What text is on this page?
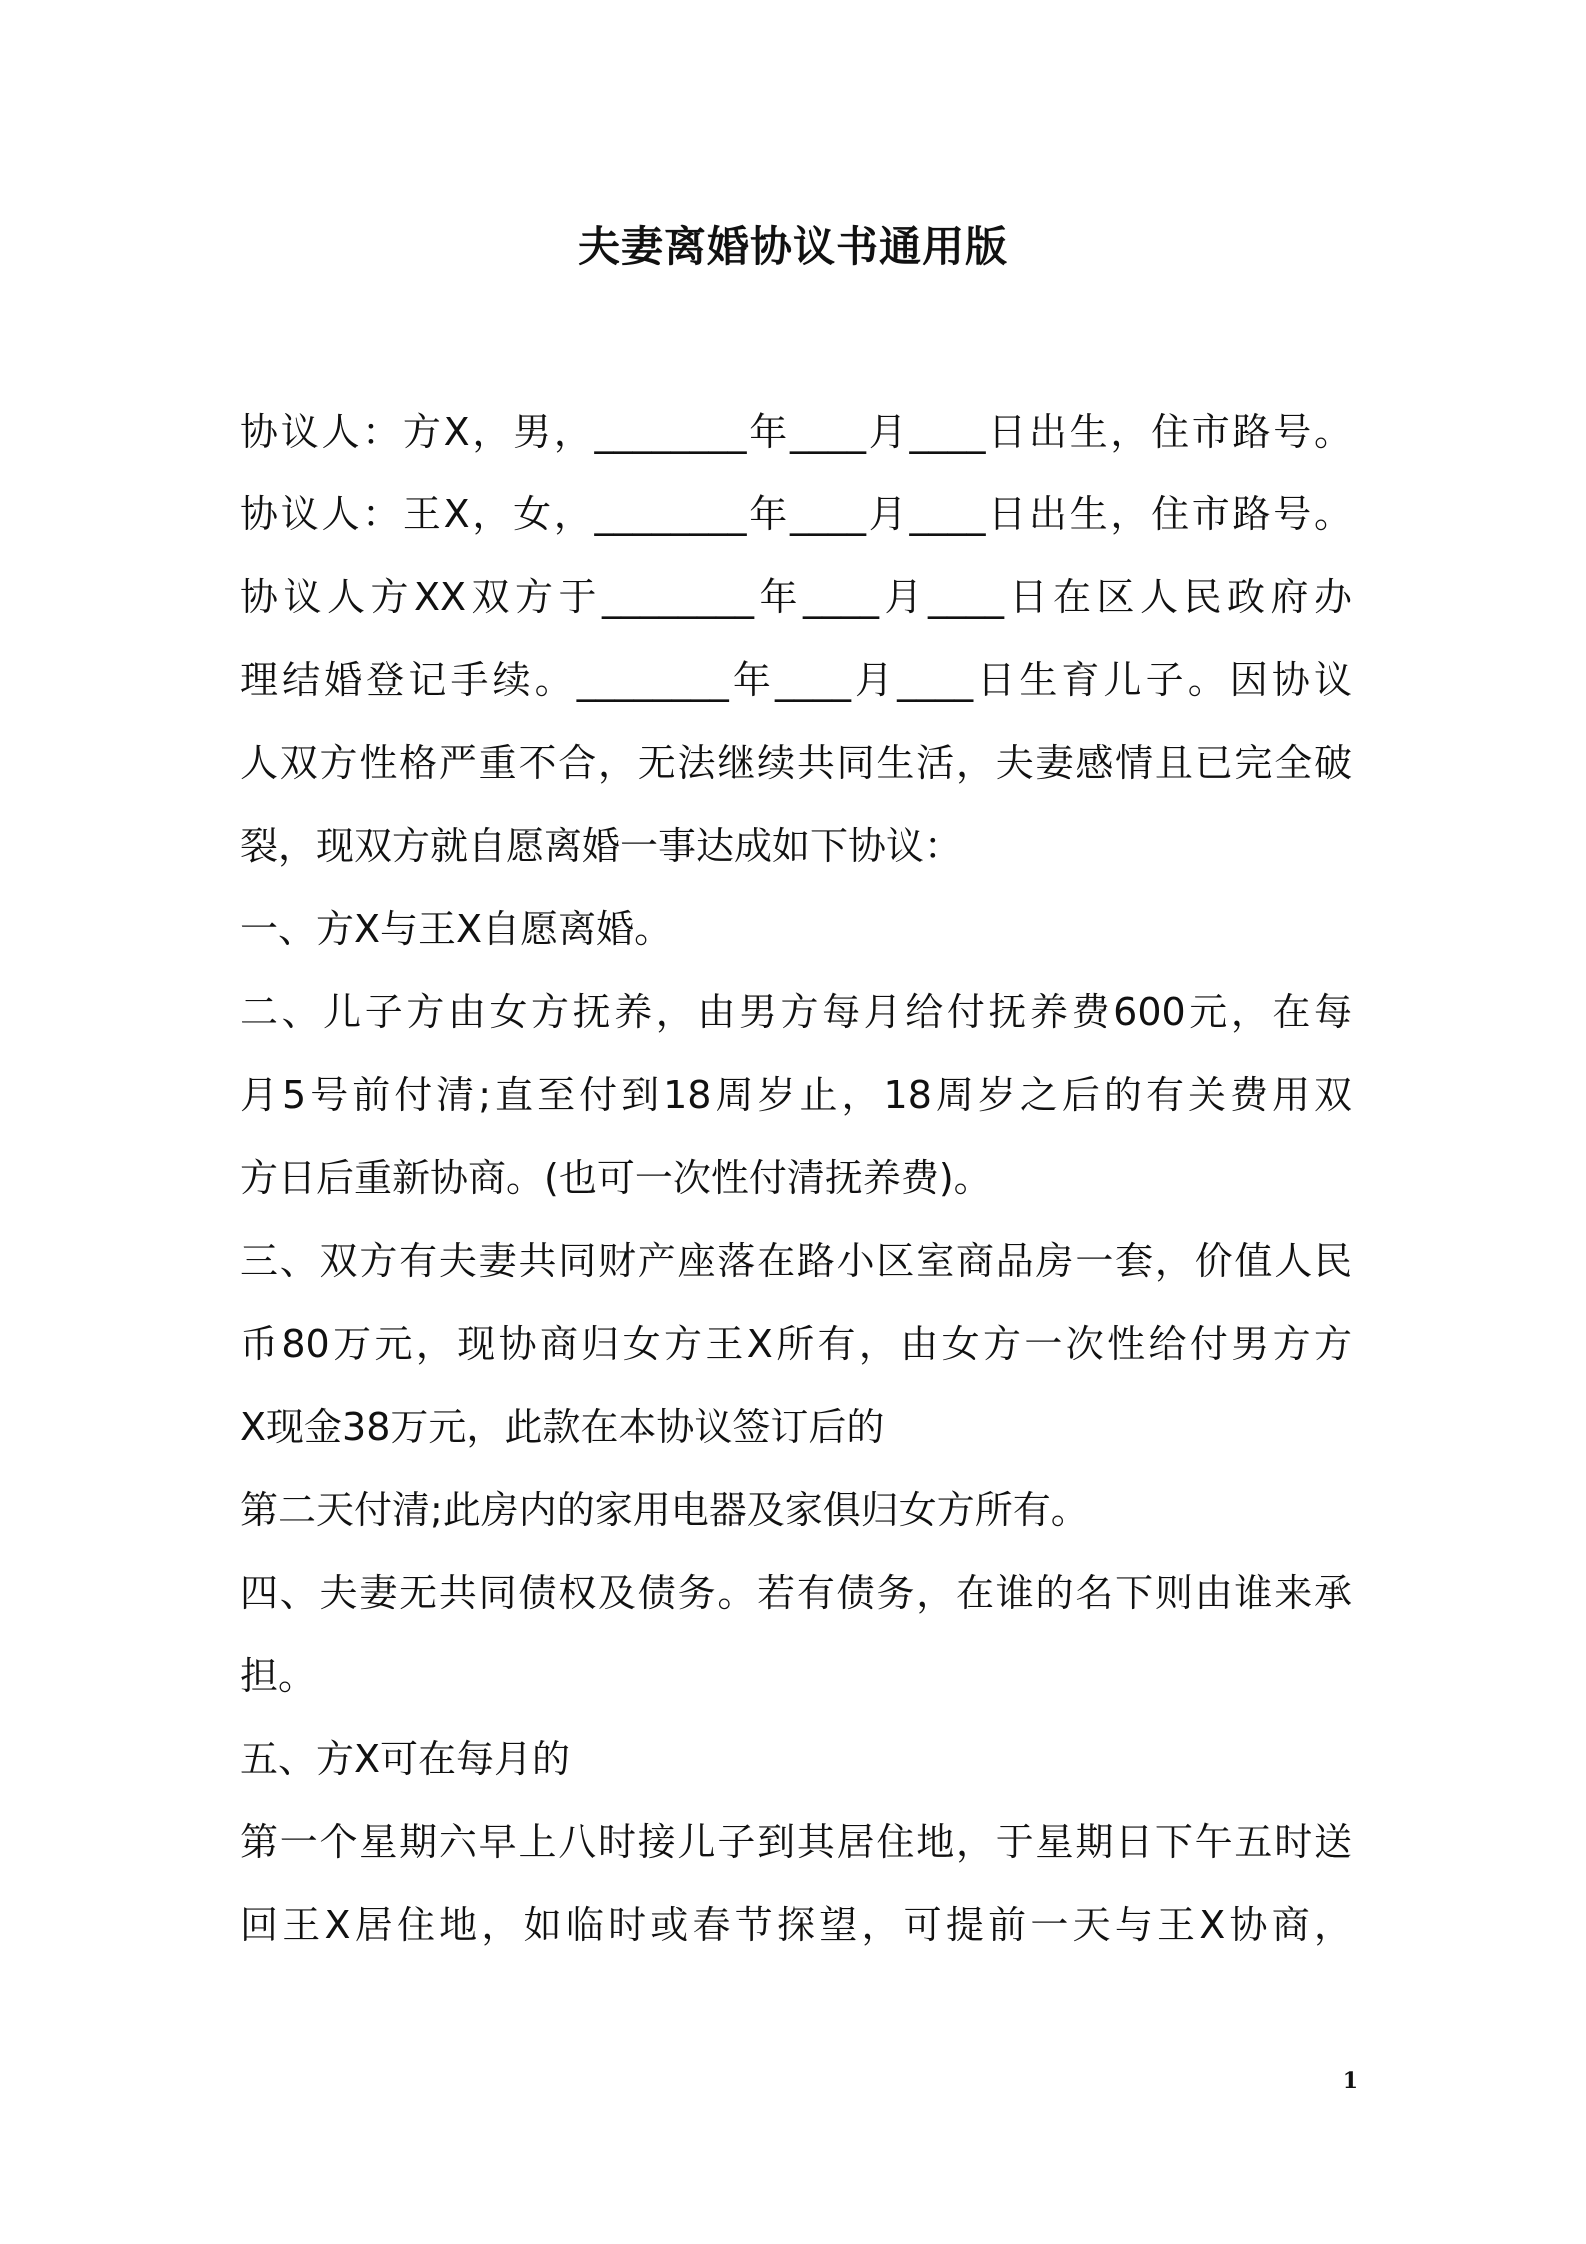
夫妻离婚协议书通用版
协议人：方X，男，________年____月____日出生，住市路号。
协议人：王X，女，________年____月____日出生，住市路号。
协议人方XX双方于________年____月____日在区人民政府办
理结婚登记手续。________年____月____日生育儿子。因协议
人双方性格严重不合，无法继续共同生活，夫妻感情且已完全破
裂，现双方就自愿离婚一事达成如下协议：
一、方X与王X自愿离婚。
二、儿子方由女方抚养，由男方每月给付抚养费600元，在每
月5号前付清;直至付到18周岁止，18周岁之后的有关费用双
方日后重新协商。(也可一次性付清抚养费)。
三、双方有夫妻共同财产座落在路小区室商品房一套，价值人民
币80万元，现协商归女方王X所有，由女方一次性给付男方方
X现金38万元，此款在本协议签订后的
第二天付清;此房内的家用电器及家俱归女方所有。
四、夫妻无共同债权及债务。若有债务，在谁的名下则由谁来承
担。
五、方X可在每月的
第一个星期六早上八时接儿子到其居住地，于星期日下午五时送
回王X居住地，如临时或春节探望，可提前一天与王X协商，
1
